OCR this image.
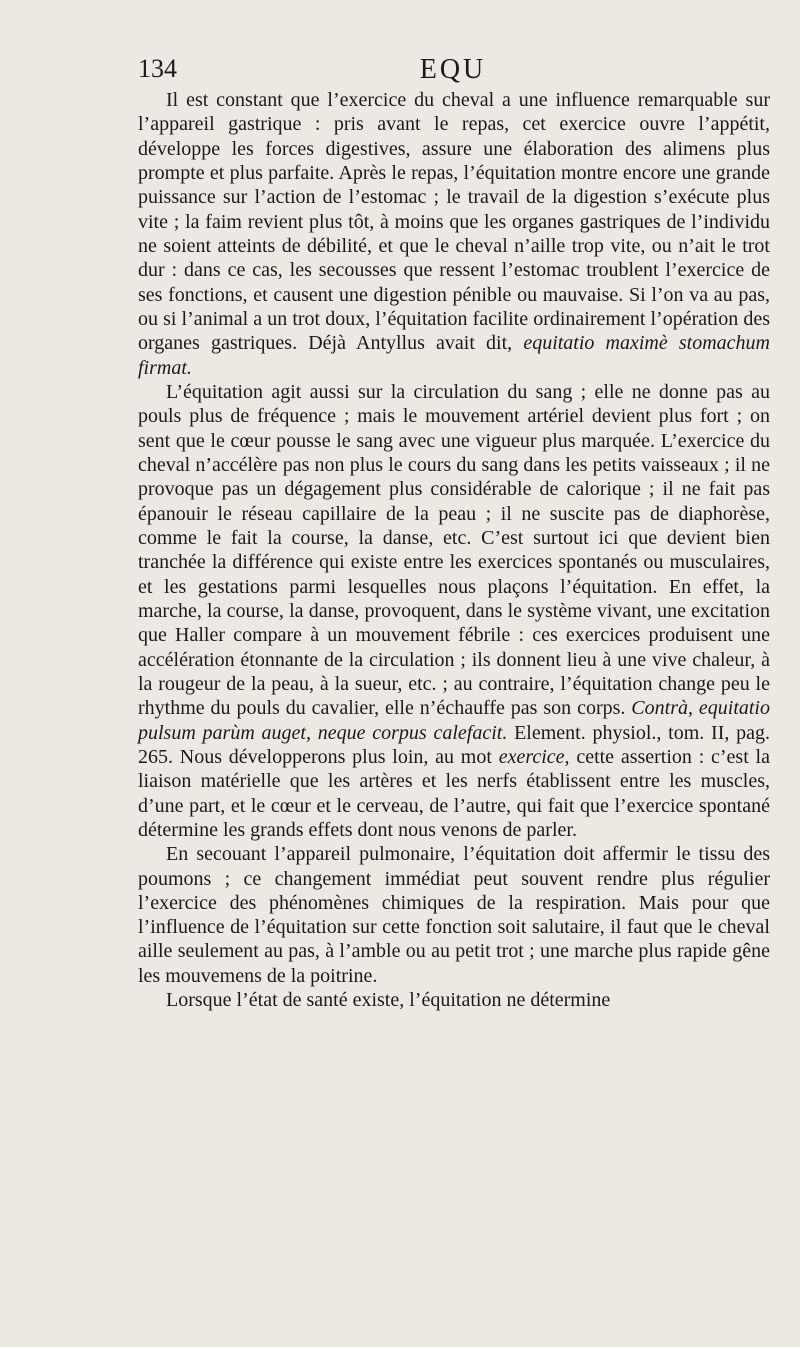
134	EQU

Il est constant que l’exercice du cheval a une influence remarquable sur l’appareil gastrique : pris avant le repas, cet exercice ouvre l’appétit, développe les forces digestives, assure une élaboration des alimens plus prompte et plus parfaite. Après le repas, l’équitation montre encore une grande puissance sur l’action de l’estomac ; le travail de la digestion s’exécute plus vite ; la faim revient plus tôt, à moins que les organes gastriques de l’individu ne soient atteints de débilité, et que le cheval n’aille trop vite, ou n’ait le trot dur : dans ce cas, les secousses que ressent l’estomac troublent l’exercice de ses fonctions, et causent une digestion pénible ou mauvaise. Si l’on va au pas, ou si l’animal a un trot doux, l’équitation facilite ordinairement l’opération des organes gastriques. Déjà Antyllus avait dit, equitatio maximè stomachum firmat.

L’équitation agit aussi sur la circulation du sang ; elle ne donne pas au pouls plus de fréquence ; mais le mouvement artériel devient plus fort ; on sent que le cœur pousse le sang avec une vigueur plus marquée. L’exercice du cheval n’accélère pas non plus le cours du sang dans les petits vaisseaux ; il ne provoque pas un dégagement plus considérable de calorique ; il ne fait pas épanouir le réseau capillaire de la peau ; il ne suscite pas de diaphorèse, comme le fait la course, la danse, etc. C’est surtout ici que devient bien tranchée la différence qui existe entre les exercices spontanés ou musculaires, et les gestations parmi lesquelles nous plaçons l’équitation. En effet, la marche, la course, la danse, provoquent, dans le système vivant, une excitation que Haller compare à un mouvement fébrile : ces exercices produisent une accélération étonnante de la circulation ; ils donnent lieu à une vive chaleur, à la rougeur de la peau, à la sueur, etc. ; au contraire, l’équitation change peu le rhythme du pouls du cavalier, elle n’échauffe pas son corps. Contrà, equitatio pulsum parùm auget, neque corpus calefacit. Element. physiol., tom. II, pag. 265. Nous développerons plus loin, au mot exercice, cette assertion : c’est la liaison matérielle que les artères et les nerfs établissent entre les muscles, d’une part, et le cœur et le cerveau, de l’autre, qui fait que l’exercice spontané détermine les grands effets dont nous venons de parler.

En secouant l’appareil pulmonaire, l’équitation doit affermir le tissu des poumons ; ce changement immédiat peut souvent rendre plus régulier l’exercice des phénomènes chimiques de la respiration. Mais pour que l’influence de l’équitation sur cette fonction soit salutaire, il faut que le cheval aille seulement au pas, à l’amble ou au petit trot ; une marche plus rapide gêne les mouvemens de la poitrine.

Lorsque l’état de santé existe, l’équitation ne détermine
